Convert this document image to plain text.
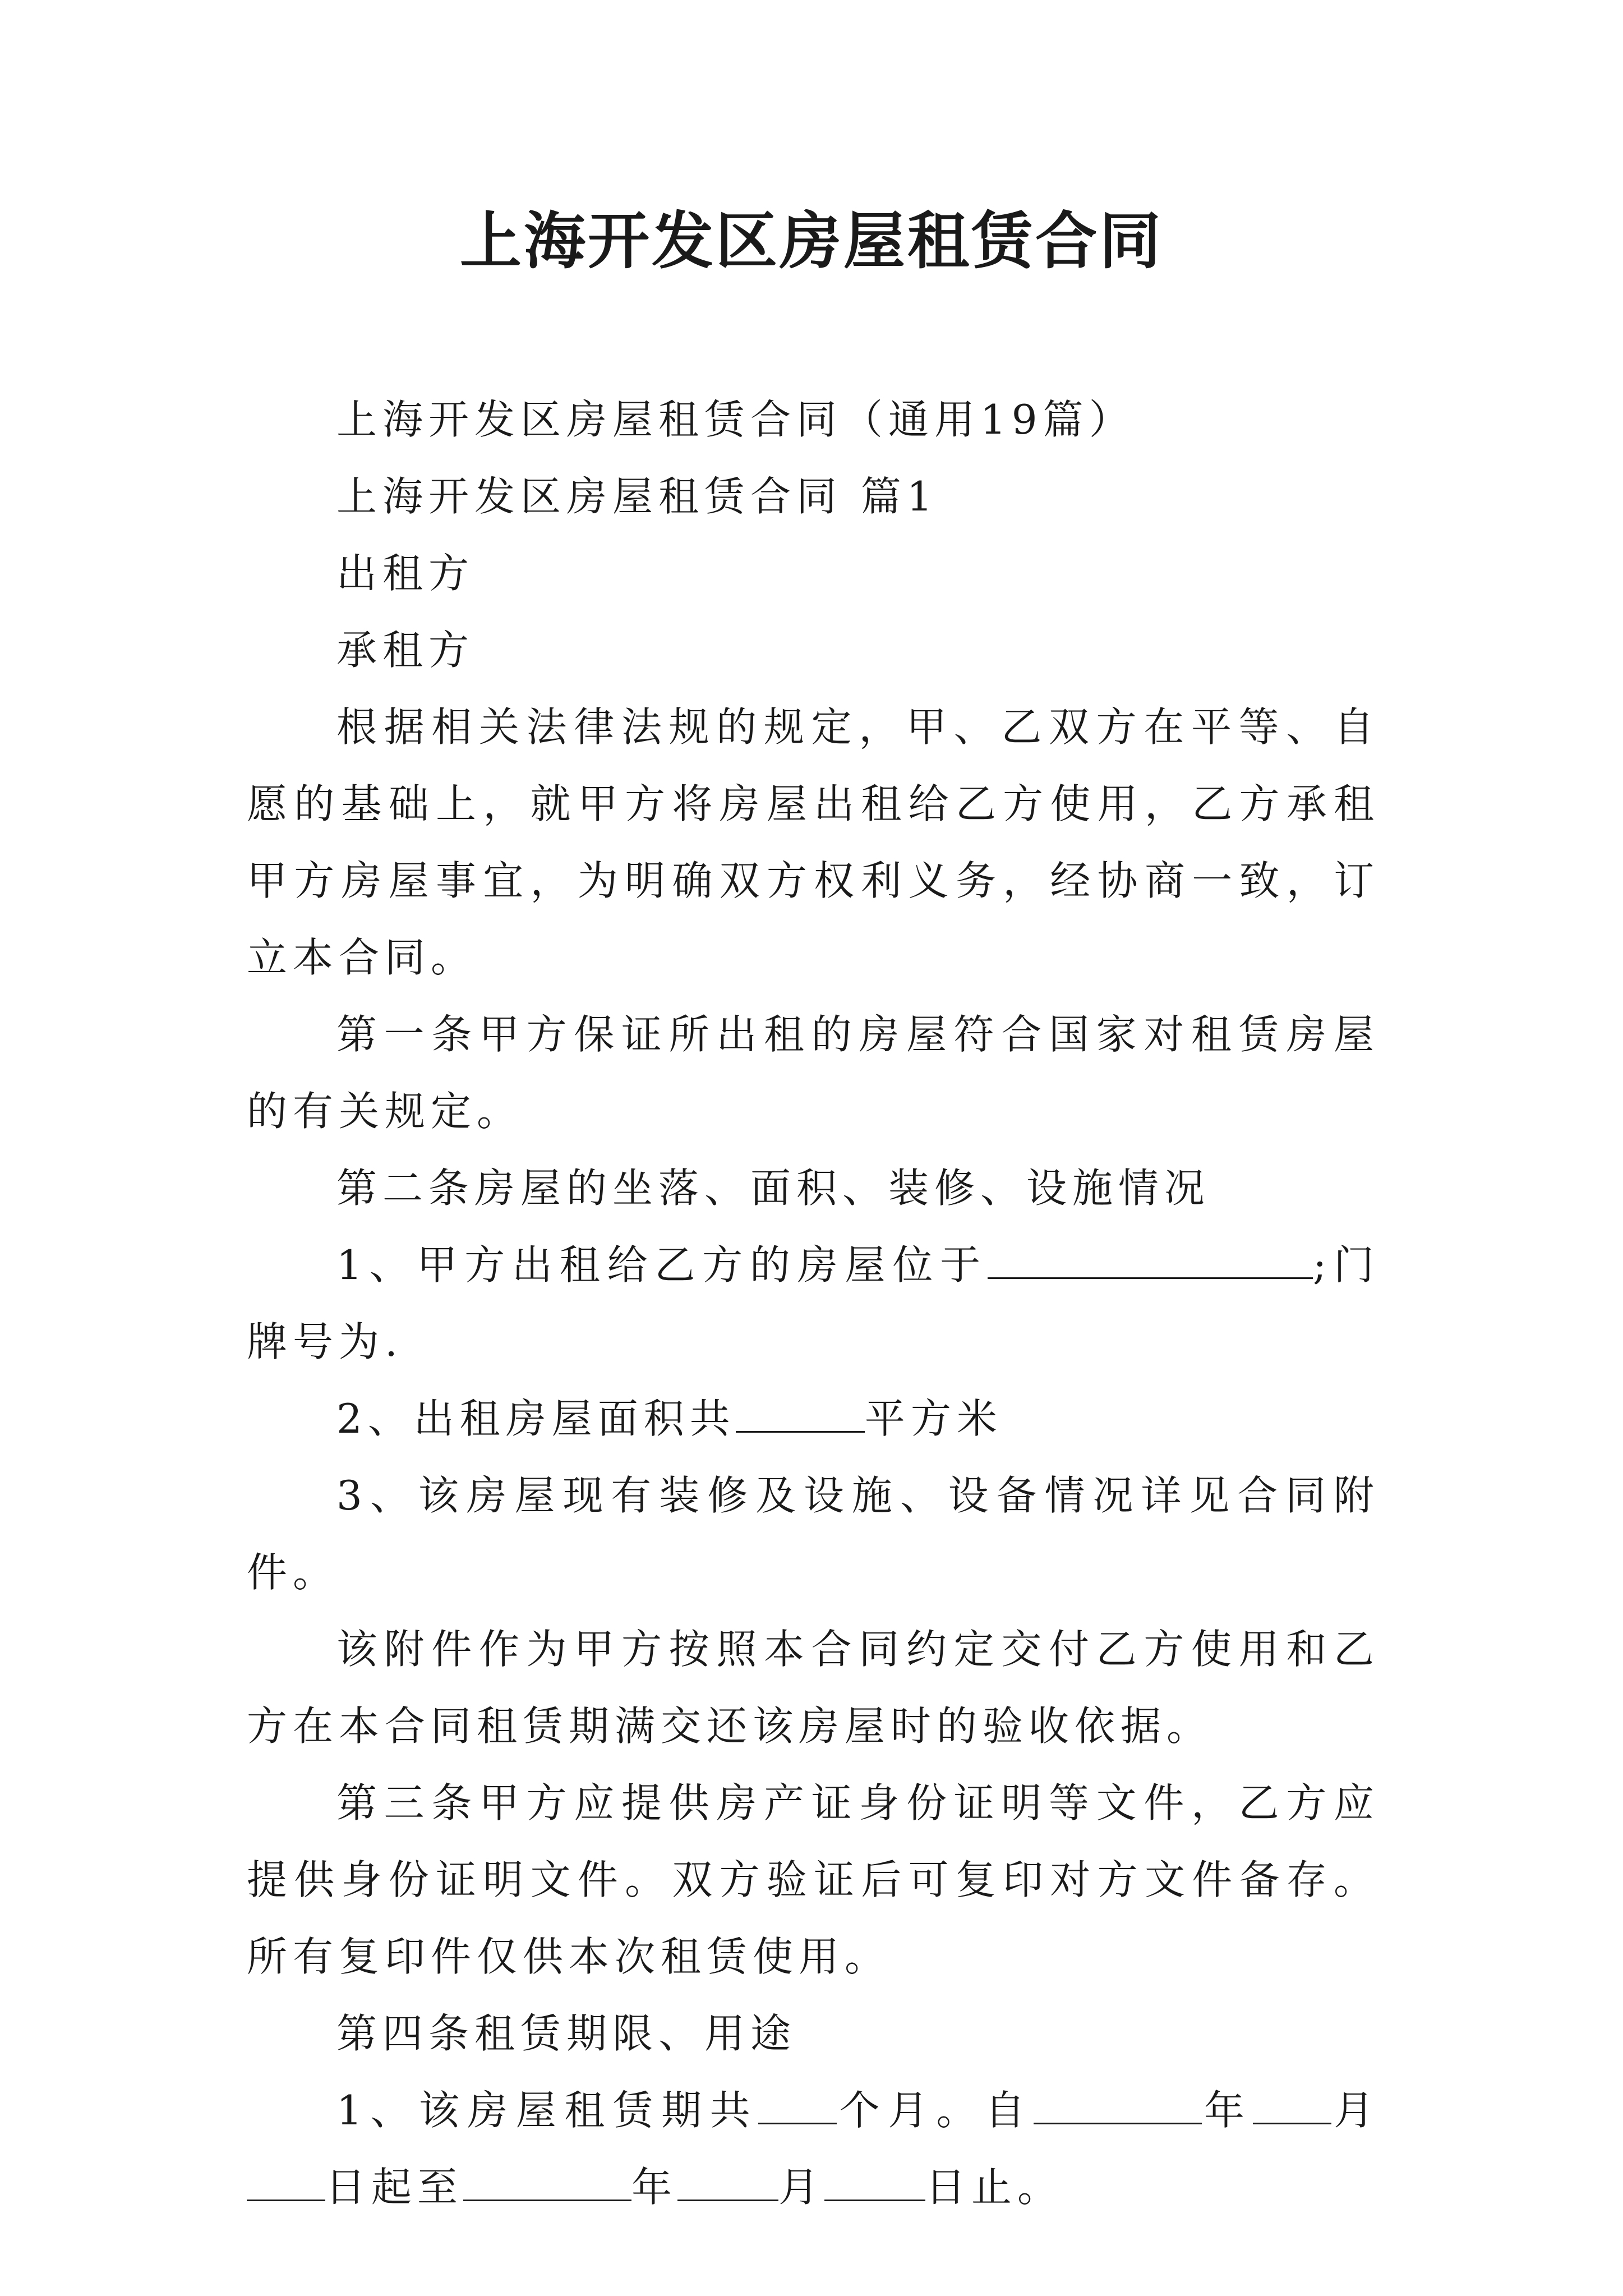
上海开发区房屋租赁合同

上海开发区房屋租赁合同（通用19篇）

上海开发区房屋租赁合同 篇1

出租方

承租方

根据相关法律法规的规定，甲、乙双方在平等、自愿的基础上，就甲方将房屋出租给乙方使用，乙方承租甲方房屋事宜，为明确双方权利义务，经协商一致，订立本合同。

第一条甲方保证所出租的房屋符合国家对租赁房屋的有关规定。

第二条房屋的坐落、面积、装修、设施情况

1、甲方出租给乙方的房屋位于	;门牌号为.

2、出租房屋面积共	平方米

3、该房屋现有装修及设施、设备情况详见合同附件。

该附件作为甲方按照本合同约定交付乙方使用和乙方在本合同租赁期满交还该房屋时的验收依据。

第三条甲方应提供房产证身份证明等文件，乙方应提供身份证明文件。双方验证后可复印对方文件备存。所有复印件仅供本次租赁使用。

第四条租赁期限、用途

1、该房屋租赁期共 个月。自	年 月日起至	年	月	日止。
